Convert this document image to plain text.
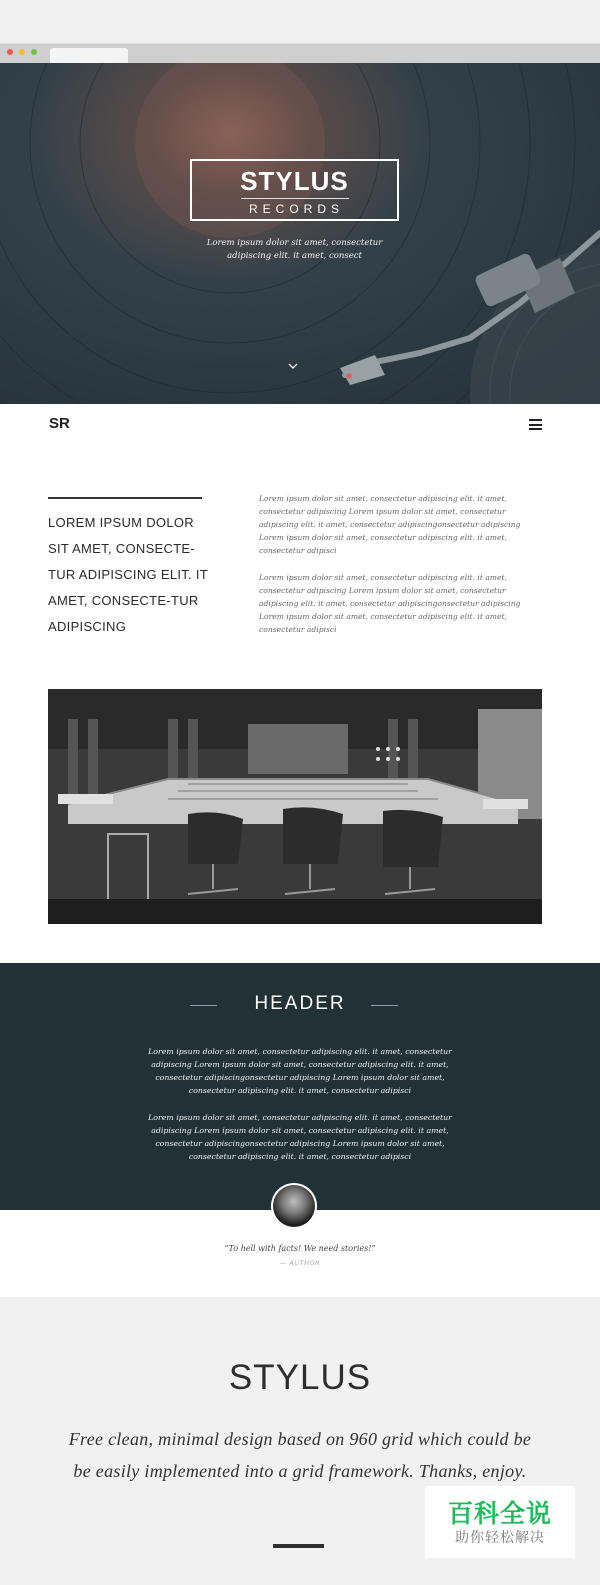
STYLUS
RECORDS
Lorem ipsum dolor sit amet, consectetur adipiscing elit. it amet, consect
SR
LOREM IPSUM DOLOR SIT AMET, CONSECTE-TUR ADIPISCING ELIT. IT AMET, CONSECTE-TUR ADIPISCING

Lorem ipsum dolor sit amet, consectetur adipiscing elit. it amet, consectetur adipiscing Lorem ipsum dolor sit amet, consectetur adipiscing elit. it amet, consectetur adipiscingonsectetur adipiscing Lorem ipsum dolor sit amet, consectetur adipiscing elit. it amet, consectetur adipisci

Lorem ipsum dolor sit amet, consectetur adipiscing elit. it amet, consectetur adipiscing Lorem ipsum dolor sit amet, consectetur adipiscing elit. it amet, consectetur adipiscingonsectetur adipiscing Lorem ipsum dolor sit amet, consectetur adipiscing elit. it amet, consectetur adipisci

HEADER

Lorem ipsum dolor sit amet, consectetur adipiscing elit. it amet, consectetur adipiscing Lorem ipsum dolor sit amet, consectetur adipiscing elit. it amet, consectetur adipiscingonsectetur adipiscing Lorem ipsum dolor sit amet, consectetur adipiscing elit. it amet, consectetur adipisci

Lorem ipsum dolor sit amet, consectetur adipiscing elit. it amet, consectetur adipiscing Lorem ipsum dolor sit amet, consectetur adipiscing elit. it amet, consectetur adipiscingonsectetur adipiscing Lorem ipsum dolor sit amet, consectetur adipiscing elit. it amet, consectetur adipisci

“To hell with facts! We need stories!”
— AUTHOR
STYLUS

Free clean, minimal design based on 960 grid which could be be easily implemented into a grid framework. Thanks, enjoy.

百科全说
助你轻松解决
